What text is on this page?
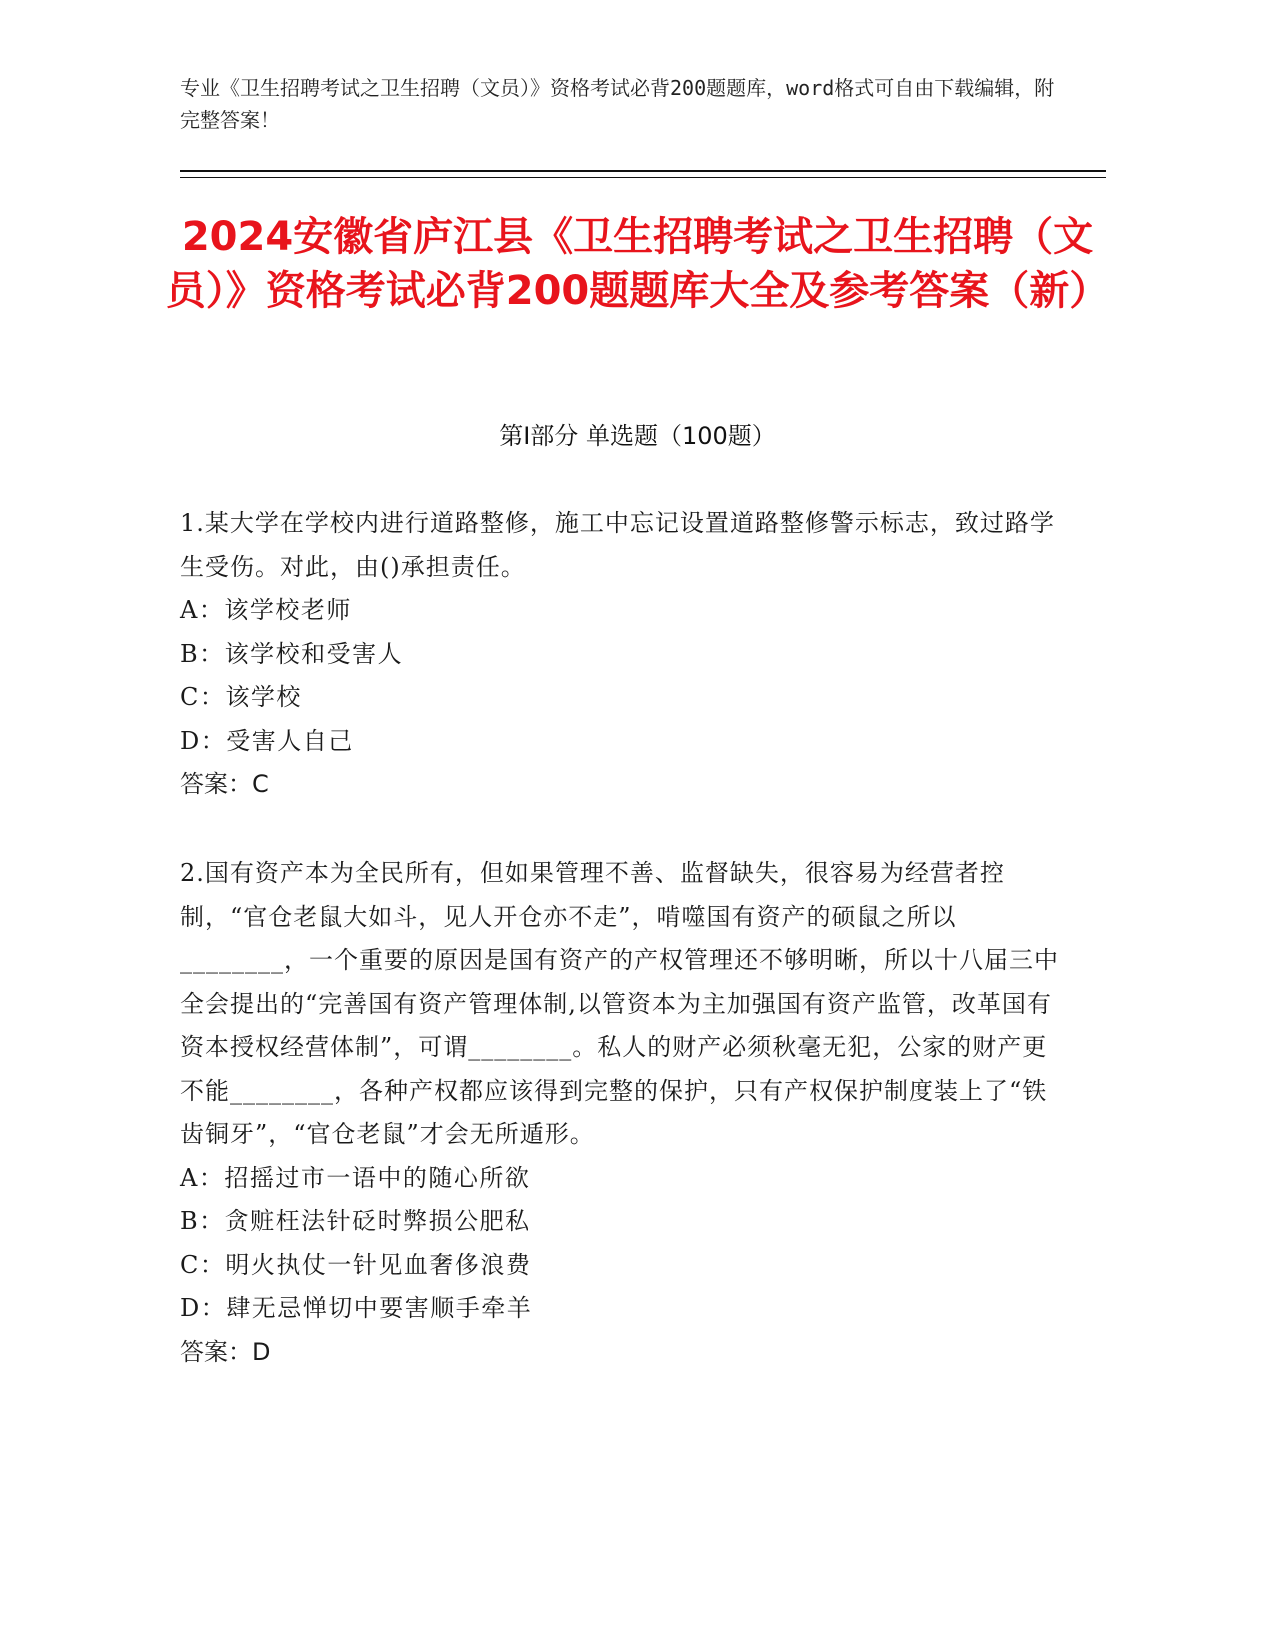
专业《卫生招聘考试之卫生招聘（文员）》资格考试必背200题题库，word格式可自由下载编辑，附完整答案！
2024安徽省庐江县《卫生招聘考试之卫生招聘（文员）》资格考试必背200题题库大全及参考答案（新）
第Ⅰ部分 单选题（100题）

1.某大学在学校内进行道路整修，施工中忘记设置道路整修警示标志，致过路学生受伤。对此，由()承担责任。

A：该学校老师

B：该学校和受害人

C：该学校

D：受害人自己

答案：C

2.国有资产本为全民所有，但如果管理不善、监督缺失，很容易为经营者控制，“官仓老鼠大如斗，见人开仓亦不走”，啃噬国有资产的硕鼠之所以________，一个重要的原因是国有资产的产权管理还不够明晰，所以十八届三中全会提出的“完善国有资产管理体制,以管资本为主加强国有资产监管，改革国有资本授权经营体制”，可谓________。私人的财产必须秋毫无犯，公家的财产更不能________，各种产权都应该得到完整的保护，只有产权保护制度装上了“铁齿铜牙”，“官仓老鼠”才会无所遁形。

A：招摇过市一语中的随心所欲

B：贪赃枉法针砭时弊损公肥私

C：明火执仗一针见血奢侈浪费

D：肆无忌惮切中要害顺手牵羊

答案：D
